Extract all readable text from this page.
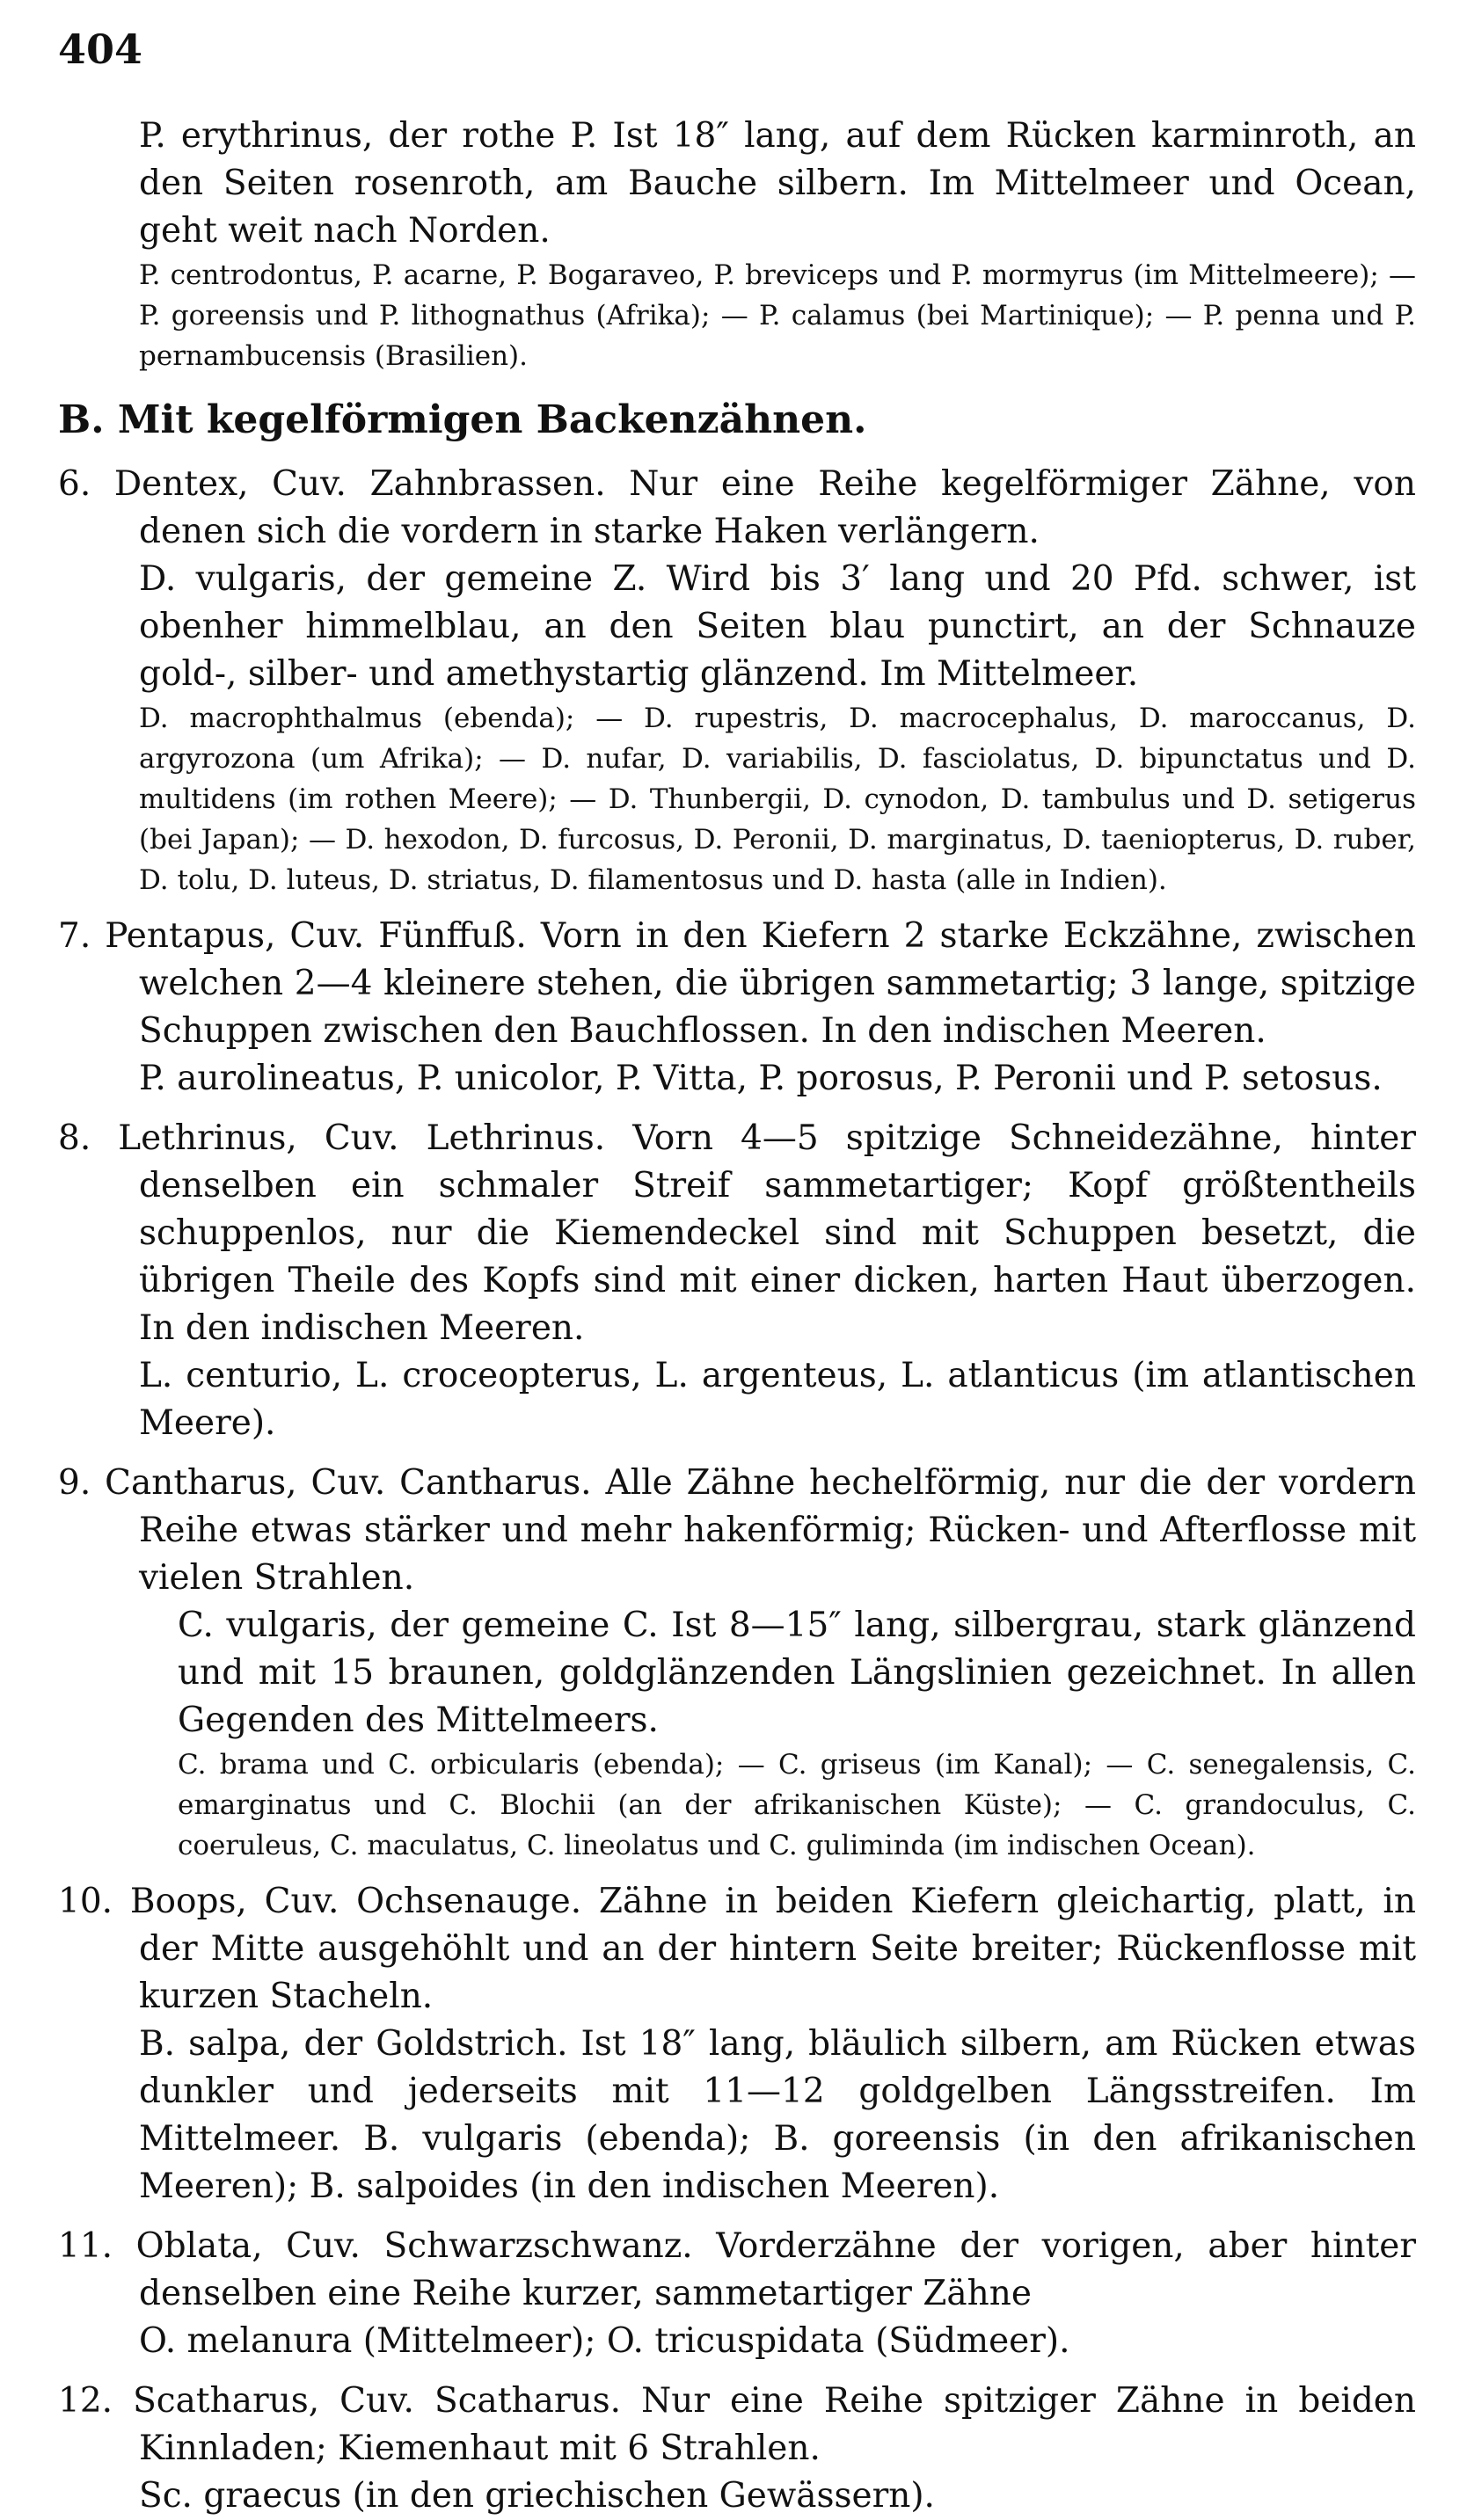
404

P. erythrinus, der rothe P. Ist 18″ lang, auf dem Rücken karminroth, an den Seiten rosenroth, am Bauche silbern. Im Mittelmeer und Ocean, geht weit nach Norden.

P. centrodontus, P. acarne, P. Bogaraveo, P. breviceps und P. mormyrus (im Mittelmeere); — P. goreensis und P. lithognathus (Afrika); — P. calamus (bei Martinique); — P. penna und P. pernambucensis (Brasilien).

B. Mit kegelförmigen Backenzähnen.

6. Dentex, Cuv. Zahnbrassen. Nur eine Reihe kegelförmiger Zähne, von denen sich die vordern in starke Haken verlängern.

D. vulgaris, der gemeine Z. Wird bis 3′ lang und 20 Pfd. schwer, ist obenher himmelblau, an den Seiten blau punctirt, an der Schnauze gold-, silber- und amethystartig glänzend. Im Mittelmeer.

D. macrophthalmus (ebenda); — D. rupestris, D. macrocephalus, D. maroccanus, D. argyrozona (um Afrika); — D. nufar, D. variabilis, D. fasciolatus, D. bipunctatus und D. multidens (im rothen Meere); — D. Thunbergii, D. cynodon, D. tambulus und D. setigerus (bei Japan); — D. hexodon, D. furcosus, D. Peronii, D. marginatus, D. taeniopterus, D. ruber, D. tolu, D. luteus, D. striatus, D. filamentosus und D. hasta (alle in Indien).

7. Pentapus, Cuv. Fünffuß. Vorn in den Kiefern 2 starke Eckzähne, zwischen welchen 2—4 kleinere stehen, die übrigen sammetartig; 3 lange, spitzige Schuppen zwischen den Bauchflossen. In den indischen Meeren.

P. aurolineatus, P. unicolor, P. Vitta, P. porosus, P. Peronii und P. setosus.

8. Lethrinus, Cuv. Lethrinus. Vorn 4—5 spitzige Schneidezähne, hinter denselben ein schmaler Streif sammetartiger; Kopf größtentheils schuppenlos, nur die Kiemendeckel sind mit Schuppen besetzt, die übrigen Theile des Kopfs sind mit einer dicken, harten Haut überzogen. In den indischen Meeren.

L. centurio, L. croceopterus, L. argenteus, L. atlanticus (im atlantischen Meere).

9. Cantharus, Cuv. Cantharus. Alle Zähne hechelförmig, nur die der vordern Reihe etwas stärker und mehr hakenförmig; Rücken- und Afterflosse mit vielen Strahlen.

C. vulgaris, der gemeine C. Ist 8—15″ lang, silbergrau, stark glänzend und mit 15 braunen, goldglänzenden Längslinien gezeichnet. In allen Gegenden des Mittelmeers.

C. brama und C. orbicularis (ebenda); — C. griseus (im Kanal); — C. senegalensis, C. emarginatus und C. Blochii (an der afrikanischen Küste); — C. grandoculus, C. coeruleus, C. maculatus, C. lineolatus und C. guliminda (im indischen Ocean).

10. Boops, Cuv. Ochsenauge. Zähne in beiden Kiefern gleichartig, platt, in der Mitte ausgehöhlt und an der hintern Seite breiter; Rückenflosse mit kurzen Stacheln.

B. salpa, der Goldstrich. Ist 18″ lang, bläulich silbern, am Rücken etwas dunkler und jederseits mit 11—12 goldgelben Längsstreifen. Im Mittelmeer. B. vulgaris (ebenda); B. goreensis (in den afrikanischen Meeren); B. salpoides (in den indischen Meeren).

11. Oblata, Cuv. Schwarzschwanz. Vorderzähne der vorigen, aber hinter denselben eine Reihe kurzer, sammetartiger Zähne

O. melanura (Mittelmeer); O. tricuspidata (Südmeer).

12. Scatharus, Cuv. Scatharus. Nur eine Reihe spitziger Zähne in beiden Kinnladen; Kiemenhaut mit 6 Strahlen.

Sc. graecus (in den griechischen Gewässern).
